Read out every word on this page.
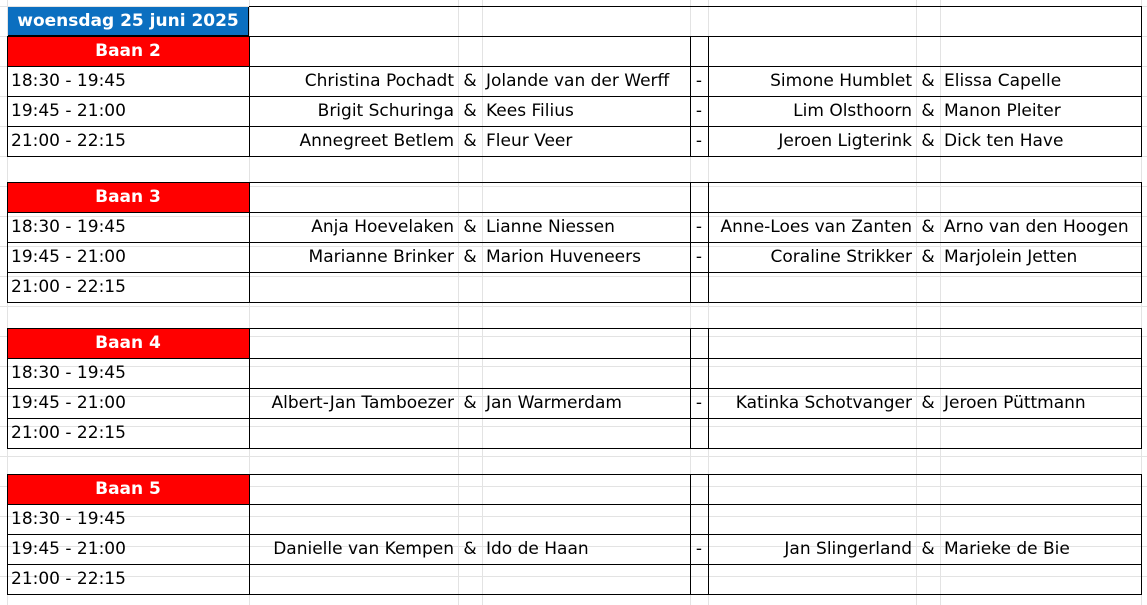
woensdag 25 juni 2025
Baan 2
18:30 - 19:45	Christina Pochadt & Jolande van der Werff	-	Simone Humblet & Elissa Capelle
19:45 - 21:00	Brigit Schuringa & Kees Filius	-	Lim Olsthoorn & Manon Pleiter
21:00 - 22:15	Annegreet Betlem & Fleur Veer	-	Jeroen Ligterink & Dick ten Have
Baan 3
18:30 - 19:45	Anja Hoevelaken & Lianne Niessen	-	Anne-Loes van Zanten & Arno van den Hoogen
19:45 - 21:00	Marianne Brinker & Marion Huveneers	-	Coraline Strikker & Marjolein Jetten
21:00 - 22:15
Baan 4
18:30 - 19:45
19:45 - 21:00	Albert-Jan Tamboezer & Jan Warmerdam	-	Katinka Schotvanger & Jeroen Püttmann
21:00 - 22:15
Baan 5
18:30 - 19:45
19:45 - 21:00	Danielle van Kempen & Ido de Haan	-	Jan Slingerland & Marieke de Bie
21:00 - 22:15
